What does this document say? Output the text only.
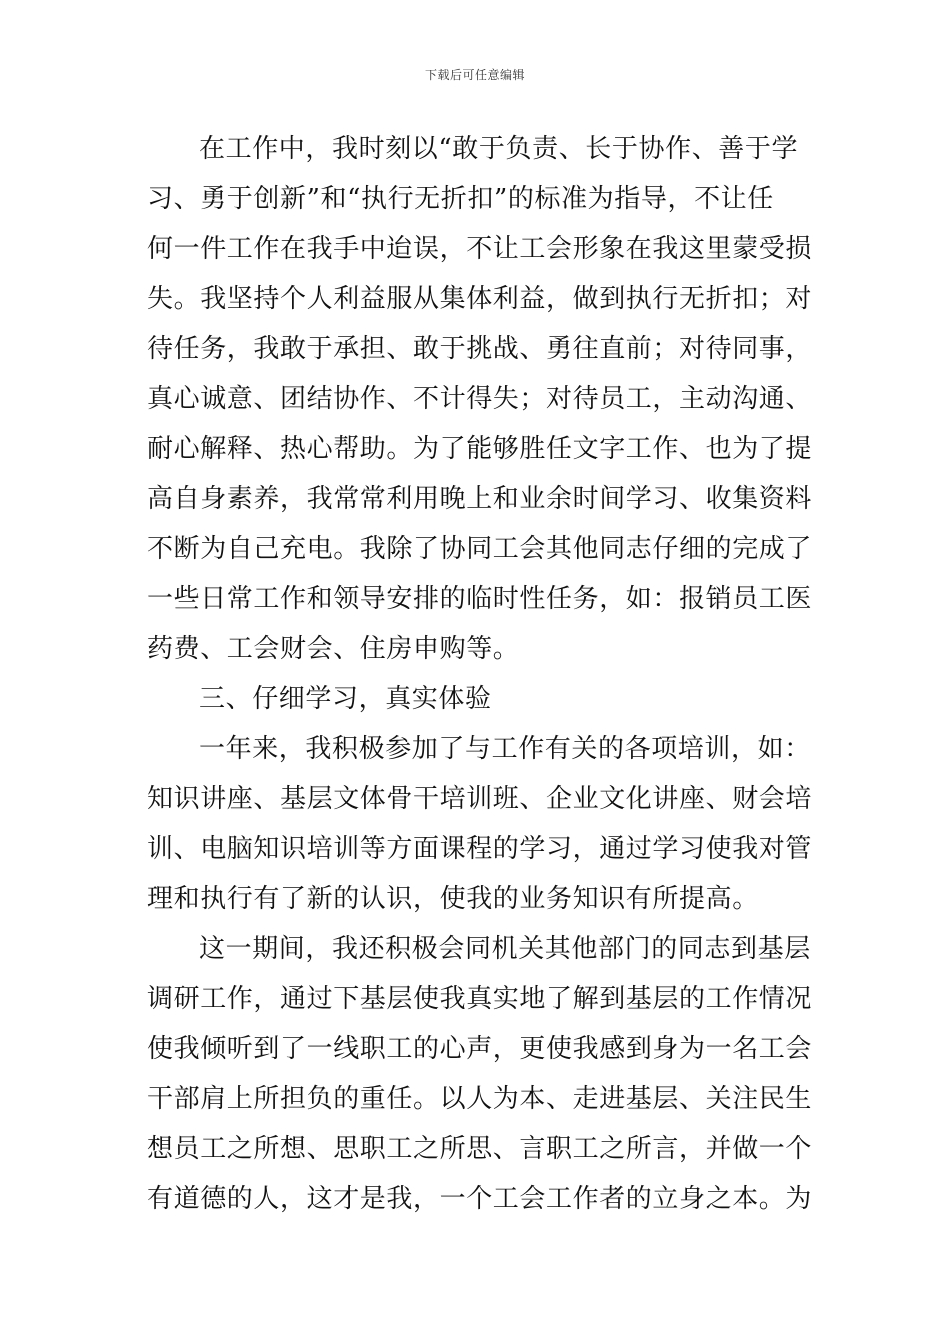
下载后可任意编辑
在工作中，我时刻以“敢于负责、长于协作、善于学
习、勇于创新”和“执行无折扣”的标准为指导，不让任
何一件工作在我手中迨误，不让工会形象在我这里蒙受损
失。我坚持个人利益服从集体利益，做到执行无折扣；对
待任务，我敢于承担、敢于挑战、勇往直前；对待同事，
真心诚意、团结协作、不计得失；对待员工，主动沟通、
耐心解释、热心帮助。为了能够胜任文字工作、也为了提
高自身素养，我常常利用晚上和业余时间学习、收集资料
不断为自己充电。我除了协同工会其他同志仔细的完成了
一些日常工作和领导安排的临时性任务，如：报销员工医
药费、工会财会、住房申购等。
三、仔细学习，真实体验
一年来，我积极参加了与工作有关的各项培训，如：
知识讲座、基层文体骨干培训班、企业文化讲座、财会培
训、电脑知识培训等方面课程的学习，通过学习使我对管
理和执行有了新的认识，使我的业务知识有所提高。
这一期间，我还积极会同机关其他部门的同志到基层
调研工作，通过下基层使我真实地了解到基层的工作情况
使我倾听到了一线职工的心声，更使我感到身为一名工会
干部肩上所担负的重任。以人为本、走进基层、关注民生
想员工之所想、思职工之所思、言职工之所言，并做一个
有道德的人，这才是我，一个工会工作者的立身之本。为
